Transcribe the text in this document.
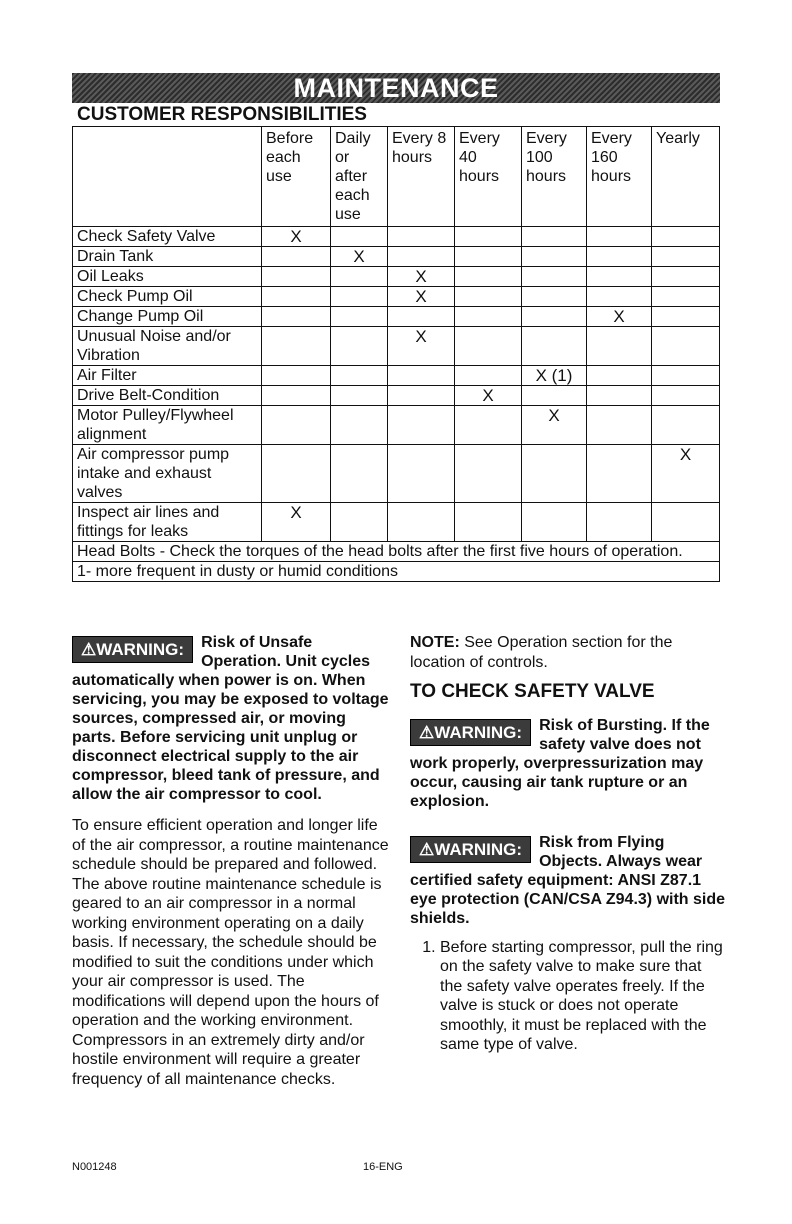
MAINTENANCE
CUSTOMER RESPONSIBILITIES
	Before each use	Daily or after each use	Every 8 hours	Every 40 hours	Every 100 hours	Every 160 hours	Yearly
Check Safety Valve	X						
Drain Tank		X					
Oil Leaks			X				
Check Pump Oil			X				
Change Pump Oil						X	
Unusual Noise and/or Vibration			X				
Air Filter					X (1)		
Drive Belt-Condition				X			
Motor Pulley/Flywheel alignment					X		
Air compressor pump intake and exhaust valves							X
Inspect air lines and fittings for leaks	X						
Head Bolts - Check the torques of the head bolts after the first five hours of operation.							
1- more frequent in dusty or humid conditions							
⚠WARNING:	Risk of Unsafe Operation. Unit cycles automatically when power is on. When servicing, you may be exposed to voltage sources, compressed air, or moving parts. Before servicing unit unplug or disconnect electrical supply to the air compressor, bleed tank of pressure, and allow the air compressor to cool.
To ensure efficient operation and longer life of the air compressor, a routine maintenance schedule should be prepared and followed. The above routine maintenance schedule is geared to an air compressor in a normal working environment operating on a daily basis. If necessary, the schedule should be modified to suit the conditions under which your air compressor is used. The modifications will depend upon the hours of operation and the working environment. Compressors in an extremely dirty and/or hostile environment will require a greater frequency of all maintenance checks.
NOTE: See Operation section for the location of controls.
TO CHECK SAFETY VALVE
⚠WARNING:	Risk of Bursting. If the safety valve does not work properly, overpressurization may occur, causing air tank rupture or an explosion.
⚠WARNING:	Risk from Flying Objects. Always wear certified safety equipment: ANSI Z87.1 eye protection (CAN/CSA Z94.3) with side shields.
1. Before starting compressor, pull the ring on the safety valve to make sure that the safety valve operates freely. If the valve is stuck or does not operate smoothly, it must be replaced with the same type of valve.
N001248	16-ENG
